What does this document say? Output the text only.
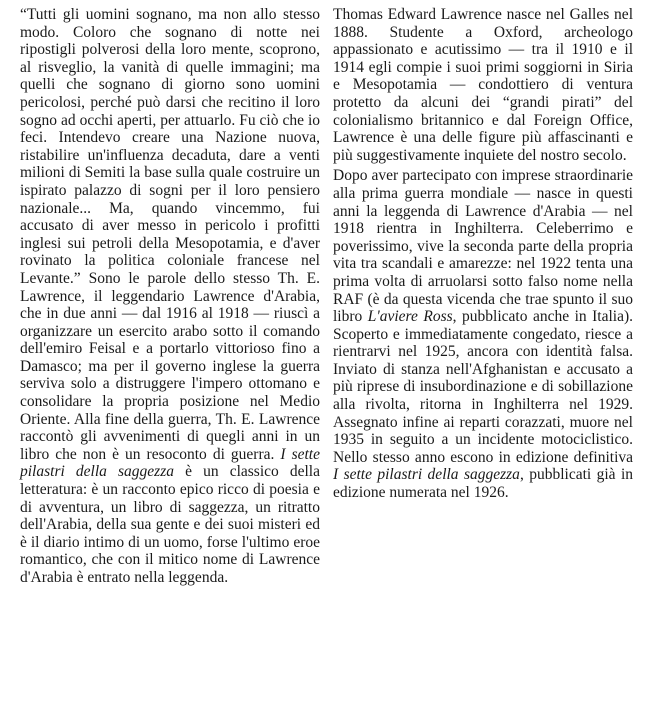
“Tutti gli uomini sognano, ma non allo stesso modo. Coloro che sognano di notte nei ripostigli polverosi della loro mente, scoprono, al risveglio, la vanità di quelle immagini; ma quelli che sognano di giorno sono uomini pericolosi, perché può darsi che recitino il loro sogno ad occhi aperti, per attuarlo. Fu ciò che io feci. Intendevo creare una Nazione nuova, ristabilire un'influenza decaduta, dare a venti milioni di Semiti la base sulla quale costruire un ispirato palazzo di sogni per il loro pensiero nazionale... Ma, quando vincemmo, fui accusato di aver messo in pericolo i profitti inglesi sui petroli della Mesopotamia, e d'aver rovinato la politica coloniale francese nel Levante.” Sono le parole dello stesso Th. E. Lawrence, il leggendario Lawrence d'Arabia, che in due anni — dal 1916 al 1918 — riuscì a organizzare un esercito arabo sotto il comando dell'emiro Feisal e a portarlo vittorioso fino a Damasco; ma per il governo inglese la guerra serviva solo a distruggere l'impero ottomano e consolidare la propria posizione nel Medio Oriente. Alla fine della guerra, Th. E. Lawrence raccontò gli avvenimenti di quegli anni in un libro che non è un resoconto di guerra. I sette pilastri della saggezza è un classico della letteratura: è un racconto epico ricco di poesia e di avventura, un libro di saggezza, un ritratto dell'Arabia, della sua gente e dei suoi misteri ed è il diario intimo di un uomo, forse l'ultimo eroe romantico, che con il mitico nome di Lawrence d'Arabia è entrato nella leggenda.

Thomas Edward Lawrence nasce nel Galles nel 1888. Studente a Oxford, archeologo appassionato e acutissimo — tra il 1910 e il 1914 egli compie i suoi primi soggiorni in Siria e Mesopotamia — condottiero di ventura protetto da alcuni dei “grandi pirati” del colonialismo britannico e dal Foreign Office, Lawrence è una delle figure più affascinanti e più suggestivamente inquiete del nostro secolo.

Dopo aver partecipato con imprese straordinarie alla prima guerra mondiale — nasce in questi anni la leggenda di Lawrence d'Arabia — nel 1918 rientra in Inghilterra. Celeberrimo e poverissimo, vive la seconda parte della propria vita tra scandali e amarezze: nel 1922 tenta una prima volta di arruolarsi sotto falso nome nella RAF (è da questa vicenda che trae spunto il suo libro L'aviere Ross, pubblicato anche in Italia). Scoperto e immediatamente congedato, riesce a rientrarvi nel 1925, ancora con identità falsa. Inviato di stanza nell'Afghanistan e accusato a più riprese di insubordinazione e di sobillazione alla rivolta, ritorna in Inghilterra nel 1929. Assegnato infine ai reparti corazzati, muore nel 1935 in seguito a un incidente motociclistico. Nello stesso anno escono in edizione definitiva I sette pilastri della saggezza, pubblicati già in edizione numerata nel 1926.
